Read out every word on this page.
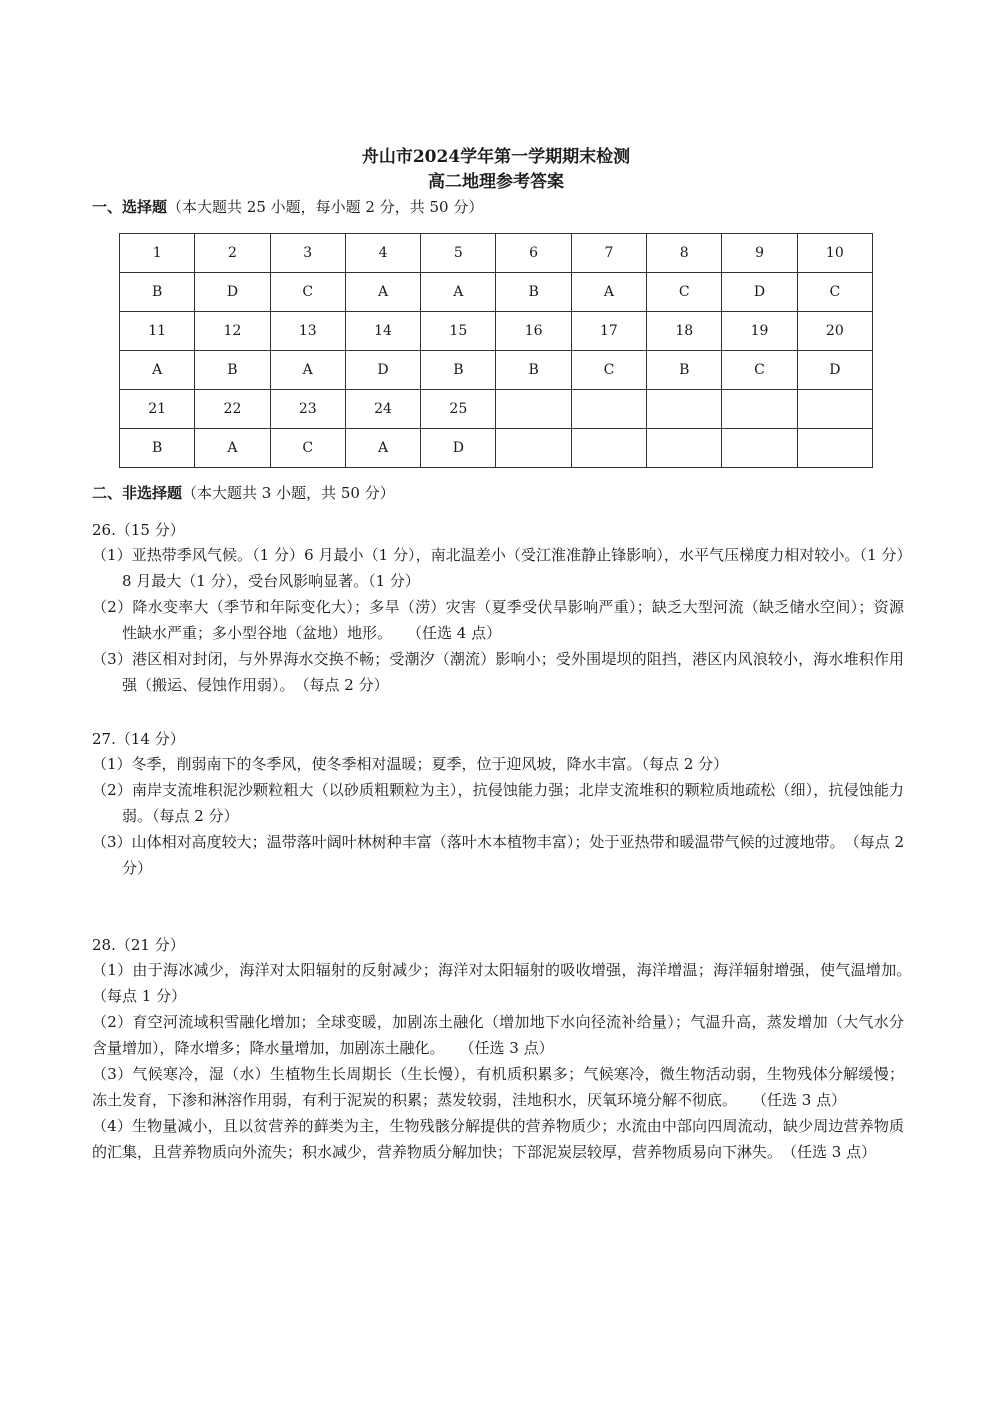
舟山市2024学年第一学期期末检测
高二地理参考答案
一、选择题（本大题共 25 小题，每小题 2 分，共 50 分）
1	2	3	4	5	6	7	8	9	10
B	D	C	A	A	B	A	C	D	C
11	12	13	14	15	16	17	18	19	20
A	B	A	D	B	B	C	B	C	D
21	22	23	24	25					
B	A	C	A	D					
二、非选择题（本大题共 3 小题，共 50 分）
26.（15 分）
（1）亚热带季风气候。（1 分）6 月最小（1 分），南北温差小（受江淮准静止锋影响），水平气压梯度力相对较小。（1 分）8 月最大（1 分），受台风影响显著。（1 分）
（2）降水变率大（季节和年际变化大）；多旱（涝）灾害（夏季受伏旱影响严重）；缺乏大型河流（缺乏储水空间）；资源性缺水严重；多小型谷地（盆地）地形。　　（任选 4 点）
（3）港区相对封闭，与外界海水交换不畅；受潮汐（潮流）影响小；受外围堤坝的阻挡，港区内风浪较小，海水堆积作用强（搬运、侵蚀作用弱）。　（每点 2 分）
27.（14 分）
（1）冬季，削弱南下的冬季风，使冬季相对温暖；夏季，位于迎风坡，降水丰富。（每点 2 分）
（2）南岸支流堆积泥沙颗粒粗大（以砂质粗颗粒为主），抗侵蚀能力强；北岸支流堆积的颗粒质地疏松（细），抗侵蚀能力弱。（每点 2 分）
（3）山体相对高度较大；温带落叶阔叶林树种丰富（落叶木本植物丰富）；处于亚热带和暖温带气候的过渡地带。　（每点 2 分）
28.（21 分）
（1）由于海冰减少，海洋对太阳辐射的反射减少；海洋对太阳辐射的吸收增强，海洋增温；海洋辐射增强，使气温增加。　　（每点 1 分）
（2）育空河流域积雪融化增加；全球变暖，加剧冻土融化（增加地下水向径流补给量）；气温升高，蒸发增加（大气水分含量增加），降水增多；降水量增加，加剧冻土融化。　　（任选 3 点）
（3）气候寒冷，湿（水）生植物生长周期长（生长慢），有机质积累多；气候寒冷，微生物活动弱，生物残体分解缓慢；冻土发育，下渗和淋溶作用弱，有利于泥炭的积累；蒸发较弱，洼地积水，厌氧环境分解不彻底。　　（任选 3 点）
（4）生物量减小，且以贫营养的藓类为主，生物残骸分解提供的营养物质少；水流由中部向四周流动，缺少周边营养物质的汇集，且营养物质向外流失；积水减少，营养物质分解加快；下部泥炭层较厚，营养物质易向下淋失。　（任选 3 点）
